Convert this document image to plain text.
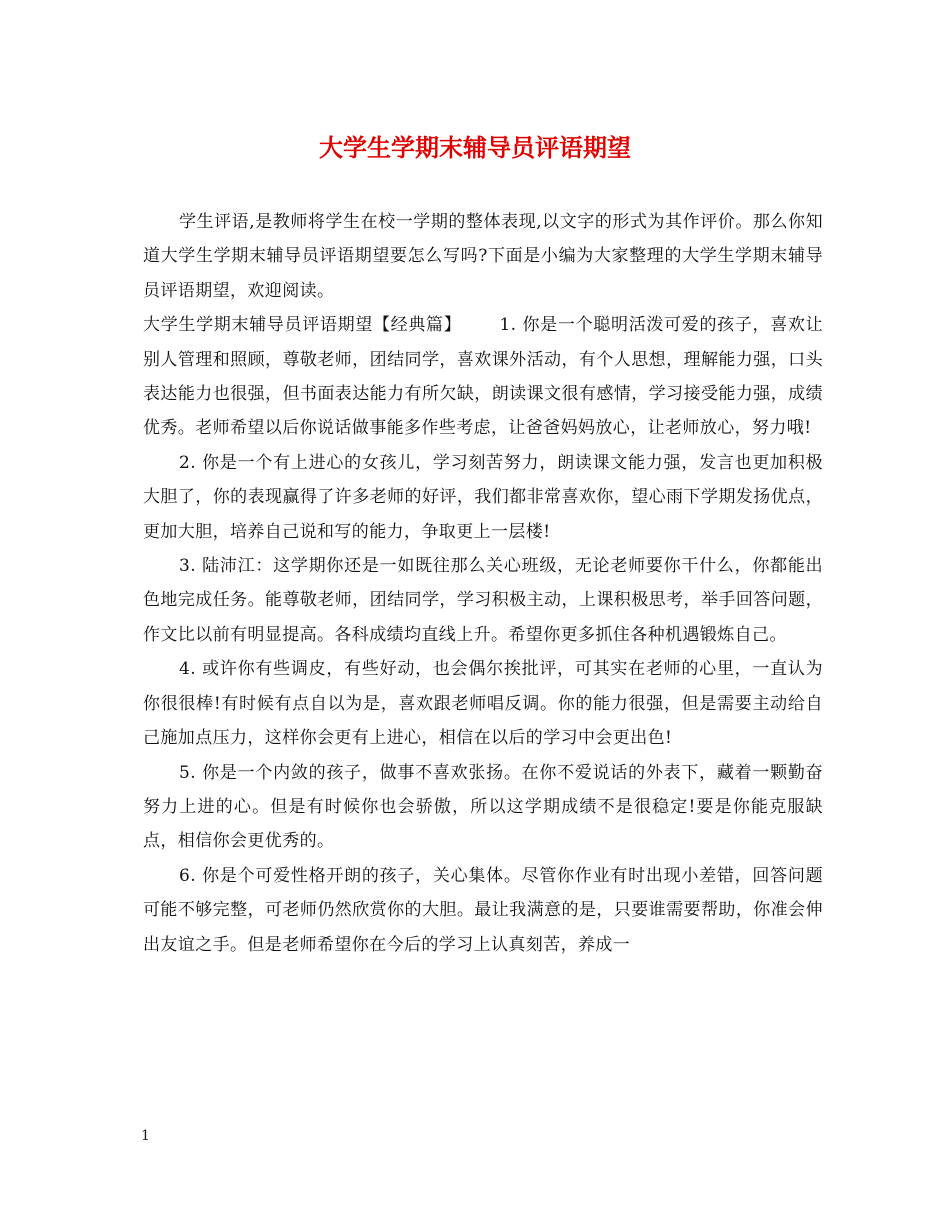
大学生学期末辅导员评语期望

学生评语,是教师将学生在校一学期的整体表现,以文字的形式为其作评价。那么你知道大学生学期末辅导员评语期望要怎么写吗?下面是小编为大家整理的大学生学期末辅导员评语期望，欢迎阅读。

大学生学期末辅导员评语期望【经典篇】 1. 你是一个聪明活泼可爱的孩子，喜欢让别人管理和照顾，尊敬老师，团结同学，喜欢课外活动，有个人思想，理解能力强，口头表达能力也很强，但书面表达能力有所欠缺，朗读课文很有感情，学习接受能力强，成绩优秀。老师希望以后你说话做事能多作些考虑，让爸爸妈妈放心，让老师放心，努力哦!

2. 你是一个有上进心的女孩儿，学习刻苦努力，朗读课文能力强，发言也更加积极大胆了，你的表现赢得了许多老师的好评，我们都非常喜欢你，望心雨下学期发扬优点，更加大胆，培养自己说和写的能力，争取更上一层楼!

3. 陆沛江：这学期你还是一如既往那么关心班级，无论老师要你干什么，你都能出色地完成任务。能尊敬老师，团结同学，学习积极主动，上课积极思考，举手回答问题，作文比以前有明显提高。各科成绩均直线上升。希望你更多抓住各种机遇锻炼自己。

4. 或许你有些调皮，有些好动，也会偶尔挨批评，可其实在老师的心里，一直认为你很很棒!有时候有点自以为是，喜欢跟老师唱反调。你的能力很强，但是需要主动给自己施加点压力，这样你会更有上进心，相信在以后的学习中会更出色!

5. 你是一个内敛的孩子，做事不喜欢张扬。在你不爱说话的外表下，藏着一颗勤奋努力上进的心。但是有时候你也会骄傲，所以这学期成绩不是很稳定!要是你能克服缺点，相信你会更优秀的。

6. 你是个可爱性格开朗的孩子，关心集体。尽管你作业有时出现小差错，回答问题可能不够完整，可老师仍然欣赏你的大胆。最让我满意的是，只要谁需要帮助，你准会伸出友谊之手。但是老师希望你在今后的学习上认真刻苦，养成一

1
